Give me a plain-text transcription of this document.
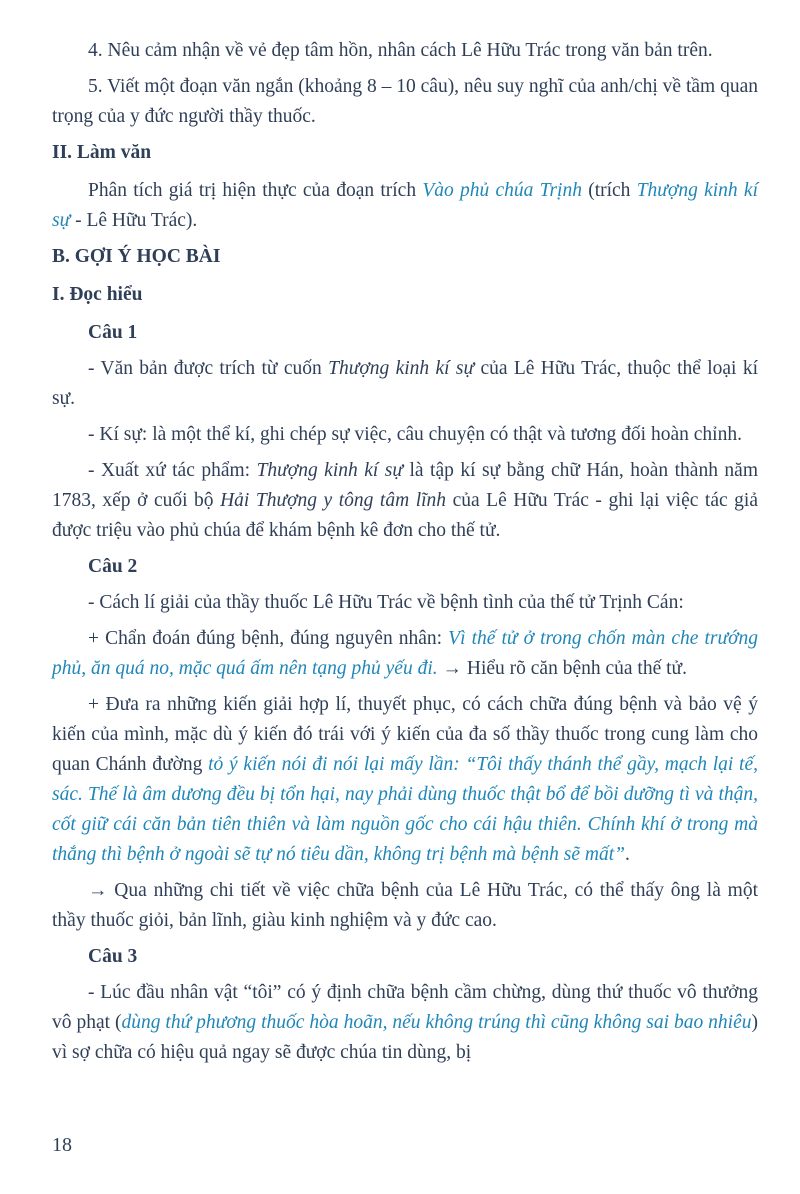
4. Nêu cảm nhận về vẻ đẹp tâm hồn, nhân cách Lê Hữu Trác trong văn bản trên.

5. Viết một đoạn văn ngắn (khoảng 8 – 10 câu), nêu suy nghĩ của anh/chị về tầm quan trọng của y đức người thầy thuốc.

II. Làm văn

Phân tích giá trị hiện thực của đoạn trích Vào phủ chúa Trịnh (trích Thượng kinh kí sự - Lê Hữu Trác).

B. GỢI Ý HỌC BÀI

I. Đọc hiểu

Câu 1

- Văn bản được trích từ cuốn Thượng kinh kí sự của Lê Hữu Trác, thuộc thể loại kí sự.

- Kí sự: là một thể kí, ghi chép sự việc, câu chuyện có thật và tương đối hoàn chỉnh.

- Xuất xứ tác phẩm: Thượng kinh kí sự là tập kí sự bằng chữ Hán, hoàn thành năm 1783, xếp ở cuối bộ Hải Thượng y tông tâm lĩnh của Lê Hữu Trác - ghi lại việc tác giả được triệu vào phủ chúa để khám bệnh kê đơn cho thế tử.

Câu 2

- Cách lí giải của thầy thuốc Lê Hữu Trác về bệnh tình của thế tử Trịnh Cán:

+ Chẩn đoán đúng bệnh, đúng nguyên nhân: Vì thế tử ở trong chốn màn che trướng phủ, ăn quá no, mặc quá ấm nên tạng phủ yếu đi. → Hiểu rõ căn bệnh của thế tử.

+ Đưa ra những kiến giải hợp lí, thuyết phục, có cách chữa đúng bệnh và bảo vệ ý kiến của mình, mặc dù ý kiến đó trái với ý kiến của đa số thầy thuốc trong cung làm cho quan Chánh đường tỏ ý kiến nói đi nói lại mấy lần: “Tôi thấy thánh thể gầy, mạch lại tế, sác. Thế là âm dương đều bị tổn hại, nay phải dùng thuốc thật bổ để bồi dưỡng tì và thận, cốt giữ cái căn bản tiên thiên và làm nguồn gốc cho cái hậu thiên. Chính khí ở trong mà thắng thì bệnh ở ngoài sẽ tự nó tiêu dần, không trị bệnh mà bệnh sẽ mất”.

→ Qua những chi tiết về việc chữa bệnh của Lê Hữu Trác, có thể thấy ông là một thầy thuốc giỏi, bản lĩnh, giàu kinh nghiệm và y đức cao.

Câu 3

- Lúc đầu nhân vật “tôi” có ý định chữa bệnh cầm chừng, dùng thứ thuốc vô thưởng vô phạt (dùng thứ phương thuốc hòa hoãn, nếu không trúng thì cũng không sai bao nhiêu) vì sợ chữa có hiệu quả ngay sẽ được chúa tin dùng, bị

18
